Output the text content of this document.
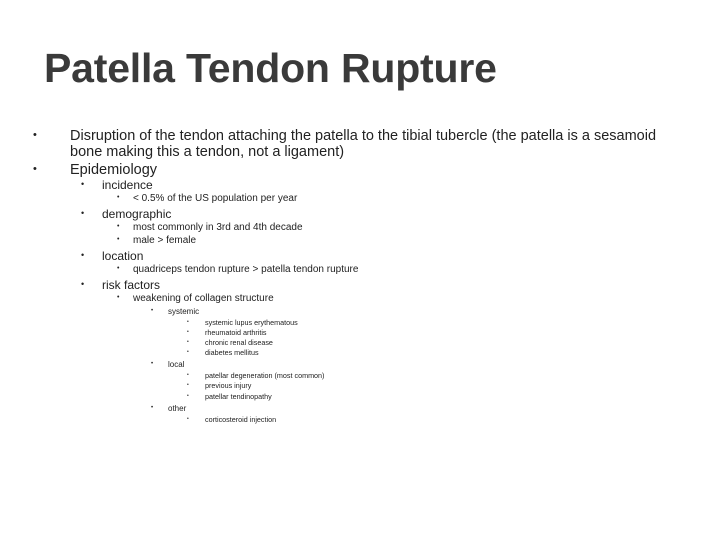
Patella Tendon Rupture
• Disruption of the tendon attaching the patella to the tibial tubercle (the patella is a sesamoid
bone making this a tendon, not a ligament)
• Epidemiology
• incidence
• < 0.5% of the US population per year
• demographic
• most commonly in 3rd and 4th decade
• male > female
• location
• quadriceps tendon rupture > patella tendon rupture
• risk factors
• weakening of collagen structure
• systemic
• systemic lupus erythematous
• rheumatoid arthritis
• chronic renal disease
• diabetes mellitus
• local
• patellar degeneration (most common)
• previous injury
• patellar tendinopathy
• other
• corticosteroid injection
